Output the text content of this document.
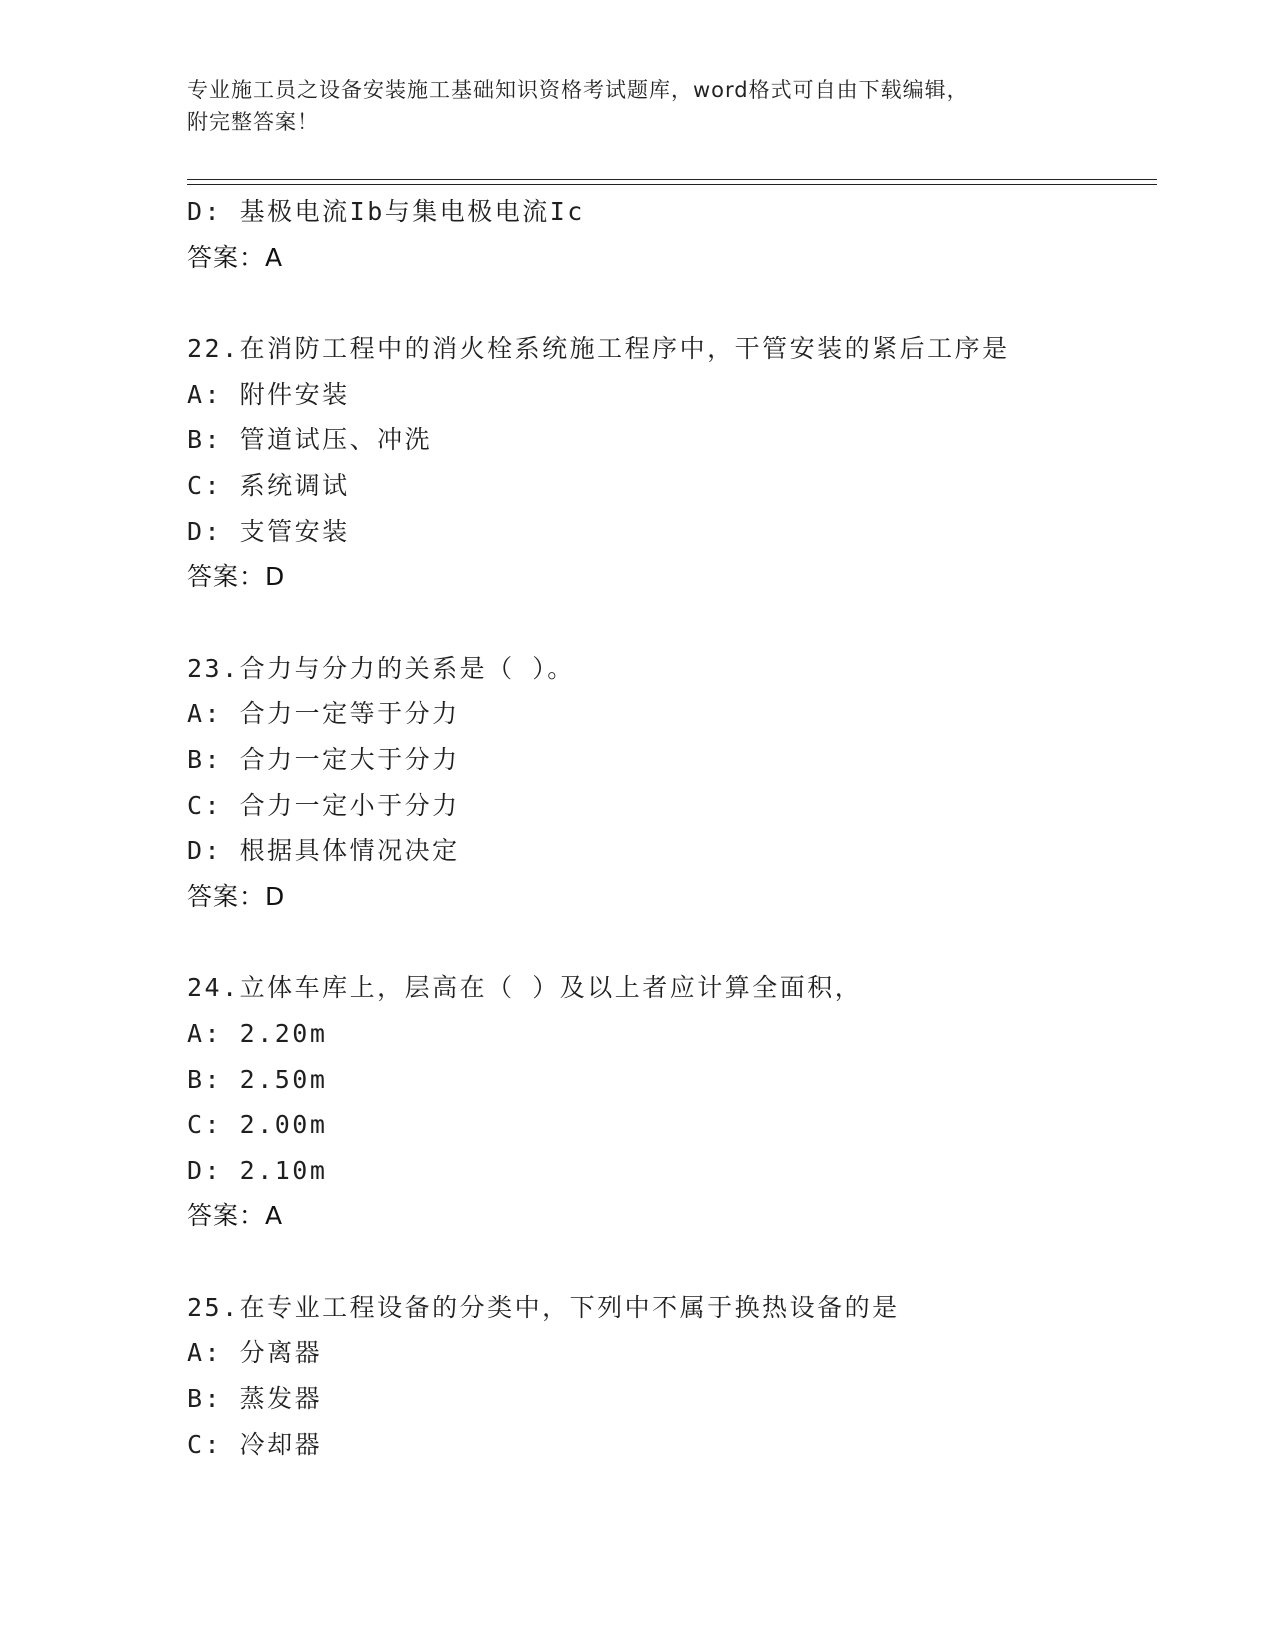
专业施工员之设备安装施工基础知识资格考试题库，word格式可自由下载编辑，
附完整答案！
D: 基极电流Ib与集电极电流Ic
答案：A
22.在消防工程中的消火栓系统施工程序中，干管安装的紧后工序是
A: 附件安装
B: 管道试压、冲洗
C: 系统调试
D: 支管安装
答案：D
23.合力与分力的关系是（ ）。
A: 合力一定等于分力
B: 合力一定大于分力
C: 合力一定小于分力
D: 根据具体情况决定
答案：D
24.立体车库上，层高在（ ）及以上者应计算全面积，
A: 2.20m
B: 2.50m
C: 2.00m
D: 2.10m
答案：A
25.在专业工程设备的分类中，下列中不属于换热设备的是
A: 分离器
B: 蒸发器
C: 冷却器
